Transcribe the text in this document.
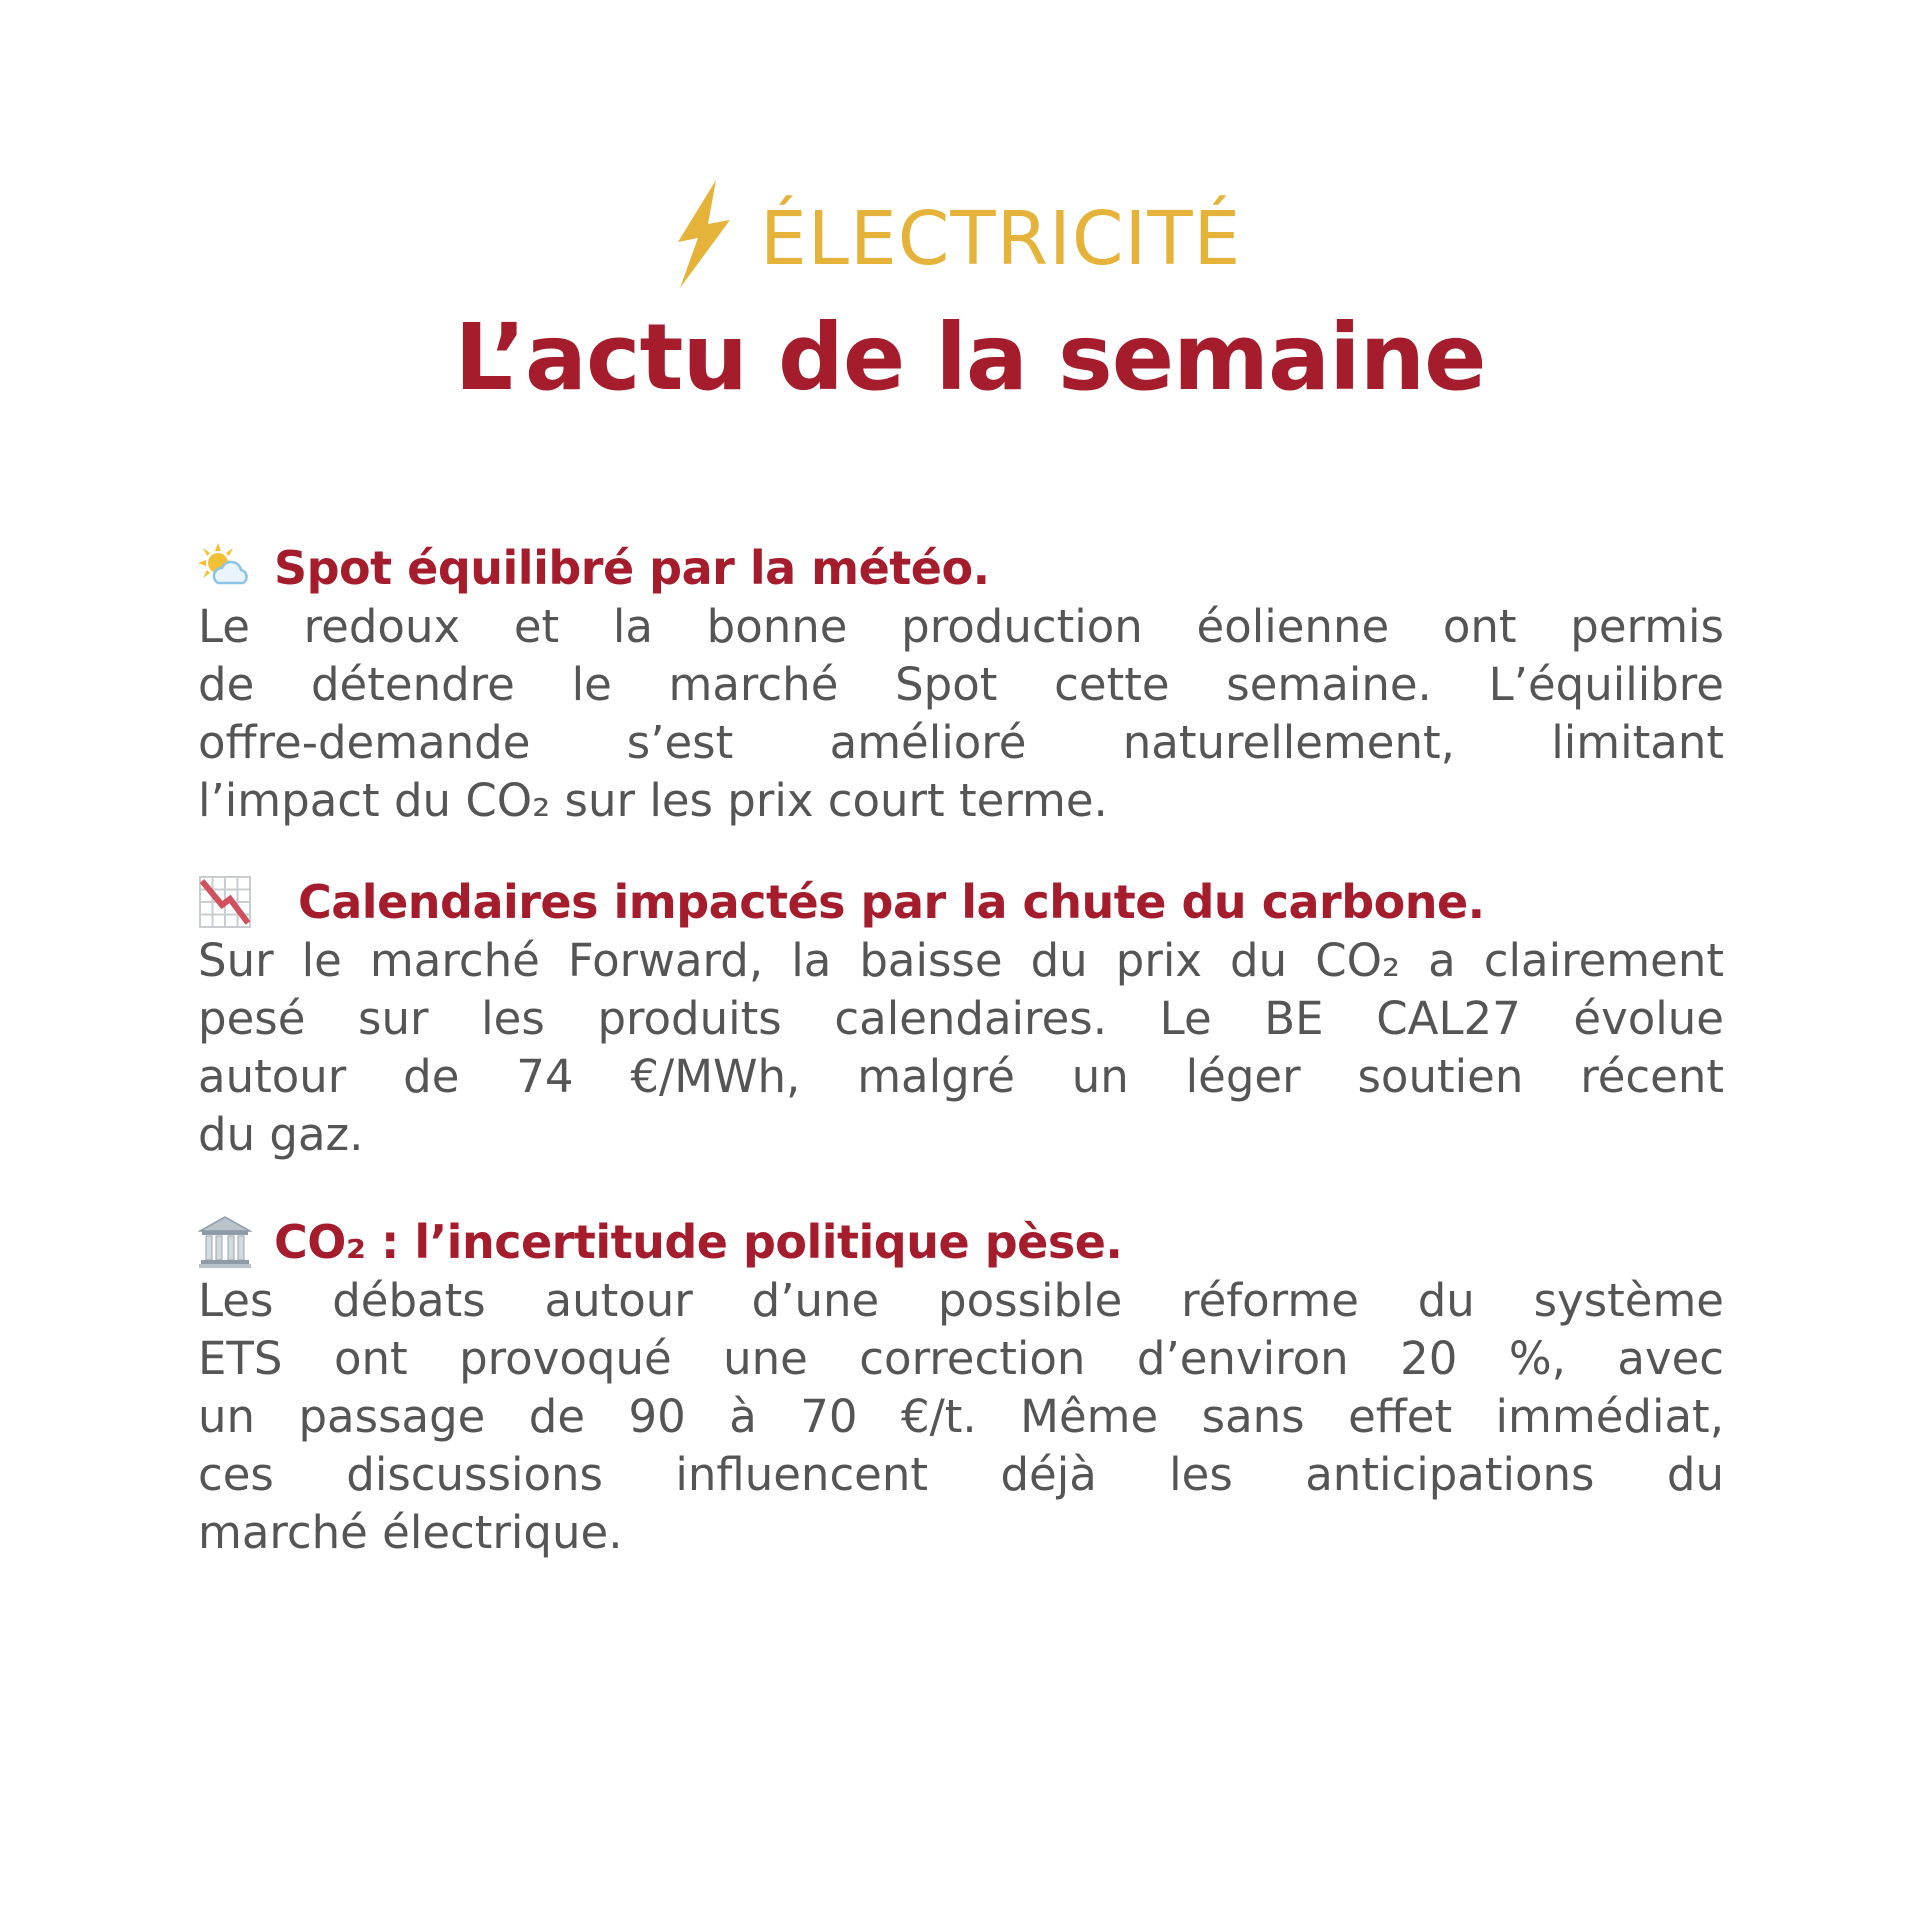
ÉLECTRICITÉ
L’actu de la semaine
Spot équilibré par la météo.
Le redoux et la bonne production éolienne ont permis
de détendre le marché Spot cette semaine. L’équilibre
offre-demande s’est amélioré naturellement, limitant
l’impact du CO₂ sur les prix court terme.
Calendaires impactés par la chute du carbone.
Sur le marché Forward, la baisse du prix du CO₂ a clairement
pesé sur les produits calendaires. Le BE CAL27 évolue
autour de 74 €/MWh, malgré un léger soutien récent
du gaz.
CO₂ : l’incertitude politique pèse.
Les débats autour d’une possible réforme du système
ETS ont provoqué une correction d’environ 20 %, avec
un passage de 90 à 70 €/t. Même sans effet immédiat,
ces discussions influencent déjà les anticipations du
marché électrique.
